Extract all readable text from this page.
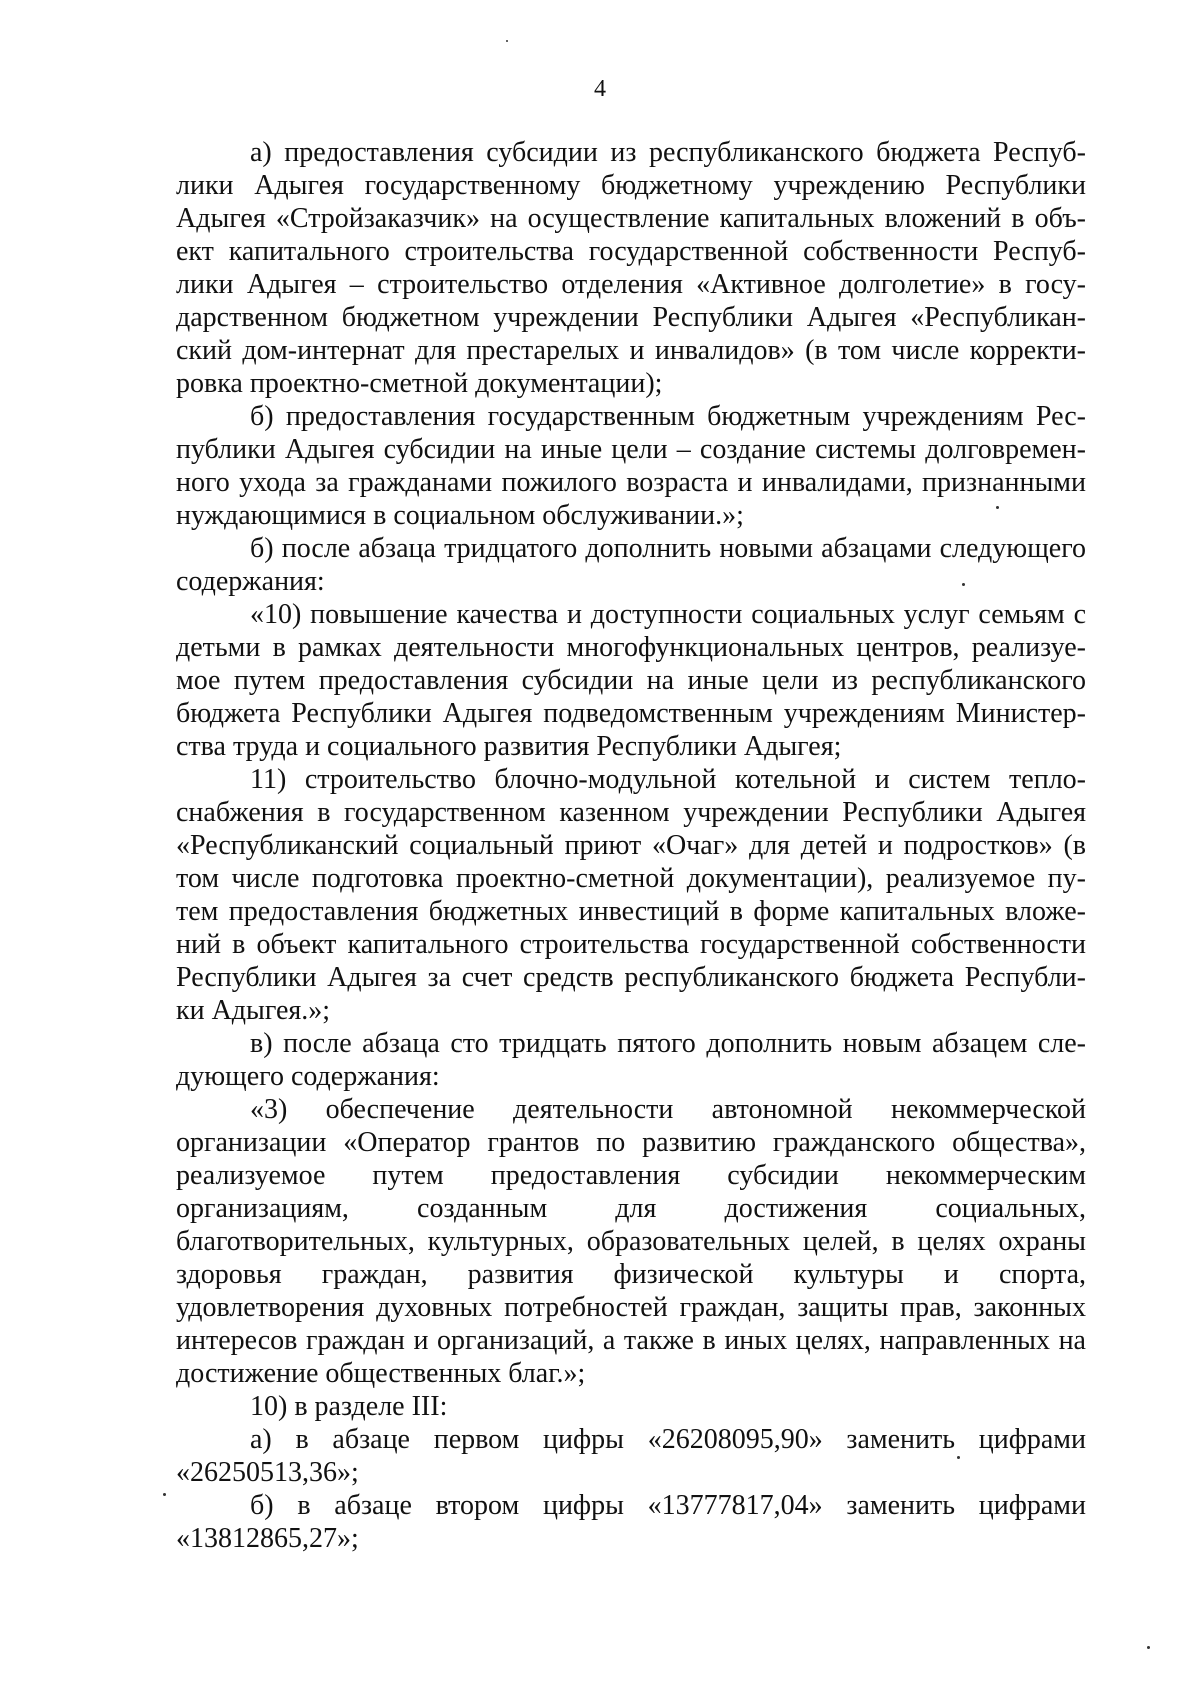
4
а) предоставления субсидии из республиканского бюджета Респуб-
лики Адыгея государственному бюджетному учреждению Республики
Адыгея «Стройзаказчик» на осуществление капитальных вложений в объ-
ект капитального строительства государственной собственности Респуб-
лики Адыгея – строительство отделения «Активное долголетие» в госу-
дарственном бюджетном учреждении Республики Адыгея «Республикан-
ский дом-интернат для престарелых и инвалидов» (в том числе корректи-
ровка проектно-сметной документации);
б) предоставления государственным бюджетным учреждениям Рес-
публики Адыгея субсидии на иные цели – создание системы долговремен-
ного ухода за гражданами пожилого возраста и инвалидами, признанными
нуждающимися в социальном обслуживании.»;
б) после абзаца тридцатого дополнить новыми абзацами следующего
содержания:
«10) повышение качества и доступности социальных услуг семьям с
детьми в рамках деятельности многофункциональных центров, реализуе-
мое путем предоставления субсидии на иные цели из республиканского
бюджета Республики Адыгея подведомственным учреждениям Министер-
ства труда и социального развития Республики Адыгея;
11) строительство блочно-модульной котельной и систем тепло-
снабжения в государственном казенном учреждении Республики Адыгея
«Республиканский социальный приют «Очаг» для детей и подростков» (в
том числе подготовка проектно-сметной документации), реализуемое пу-
тем предоставления бюджетных инвестиций в форме капитальных вложе-
ний в объект капитального строительства государственной собственности
Республики Адыгея за счет средств республиканского бюджета Республи-
ки Адыгея.»;
в) после абзаца сто тридцать пятого дополнить новым абзацем сле-
дующего содержания:
«3) обеспечение деятельности автономной некоммерческой
организации «Оператор грантов по развитию гражданского общества»,
реализуемое путем предоставления субсидии некоммерческим
организациям, созданным для достижения социальных,
благотворительных, культурных, образовательных целей, в целях охраны
здоровья граждан, развития физической культуры и спорта,
удовлетворения духовных потребностей граждан, защиты прав, законных
интересов граждан и организаций, а также в иных целях, направленных на
достижение общественных благ.»;
10) в разделе III:
а) в абзаце первом цифры «26208095,90» заменить цифрами
«26250513,36»;
б) в абзаце втором цифры «13777817,04» заменить цифрами
«13812865,27»;
